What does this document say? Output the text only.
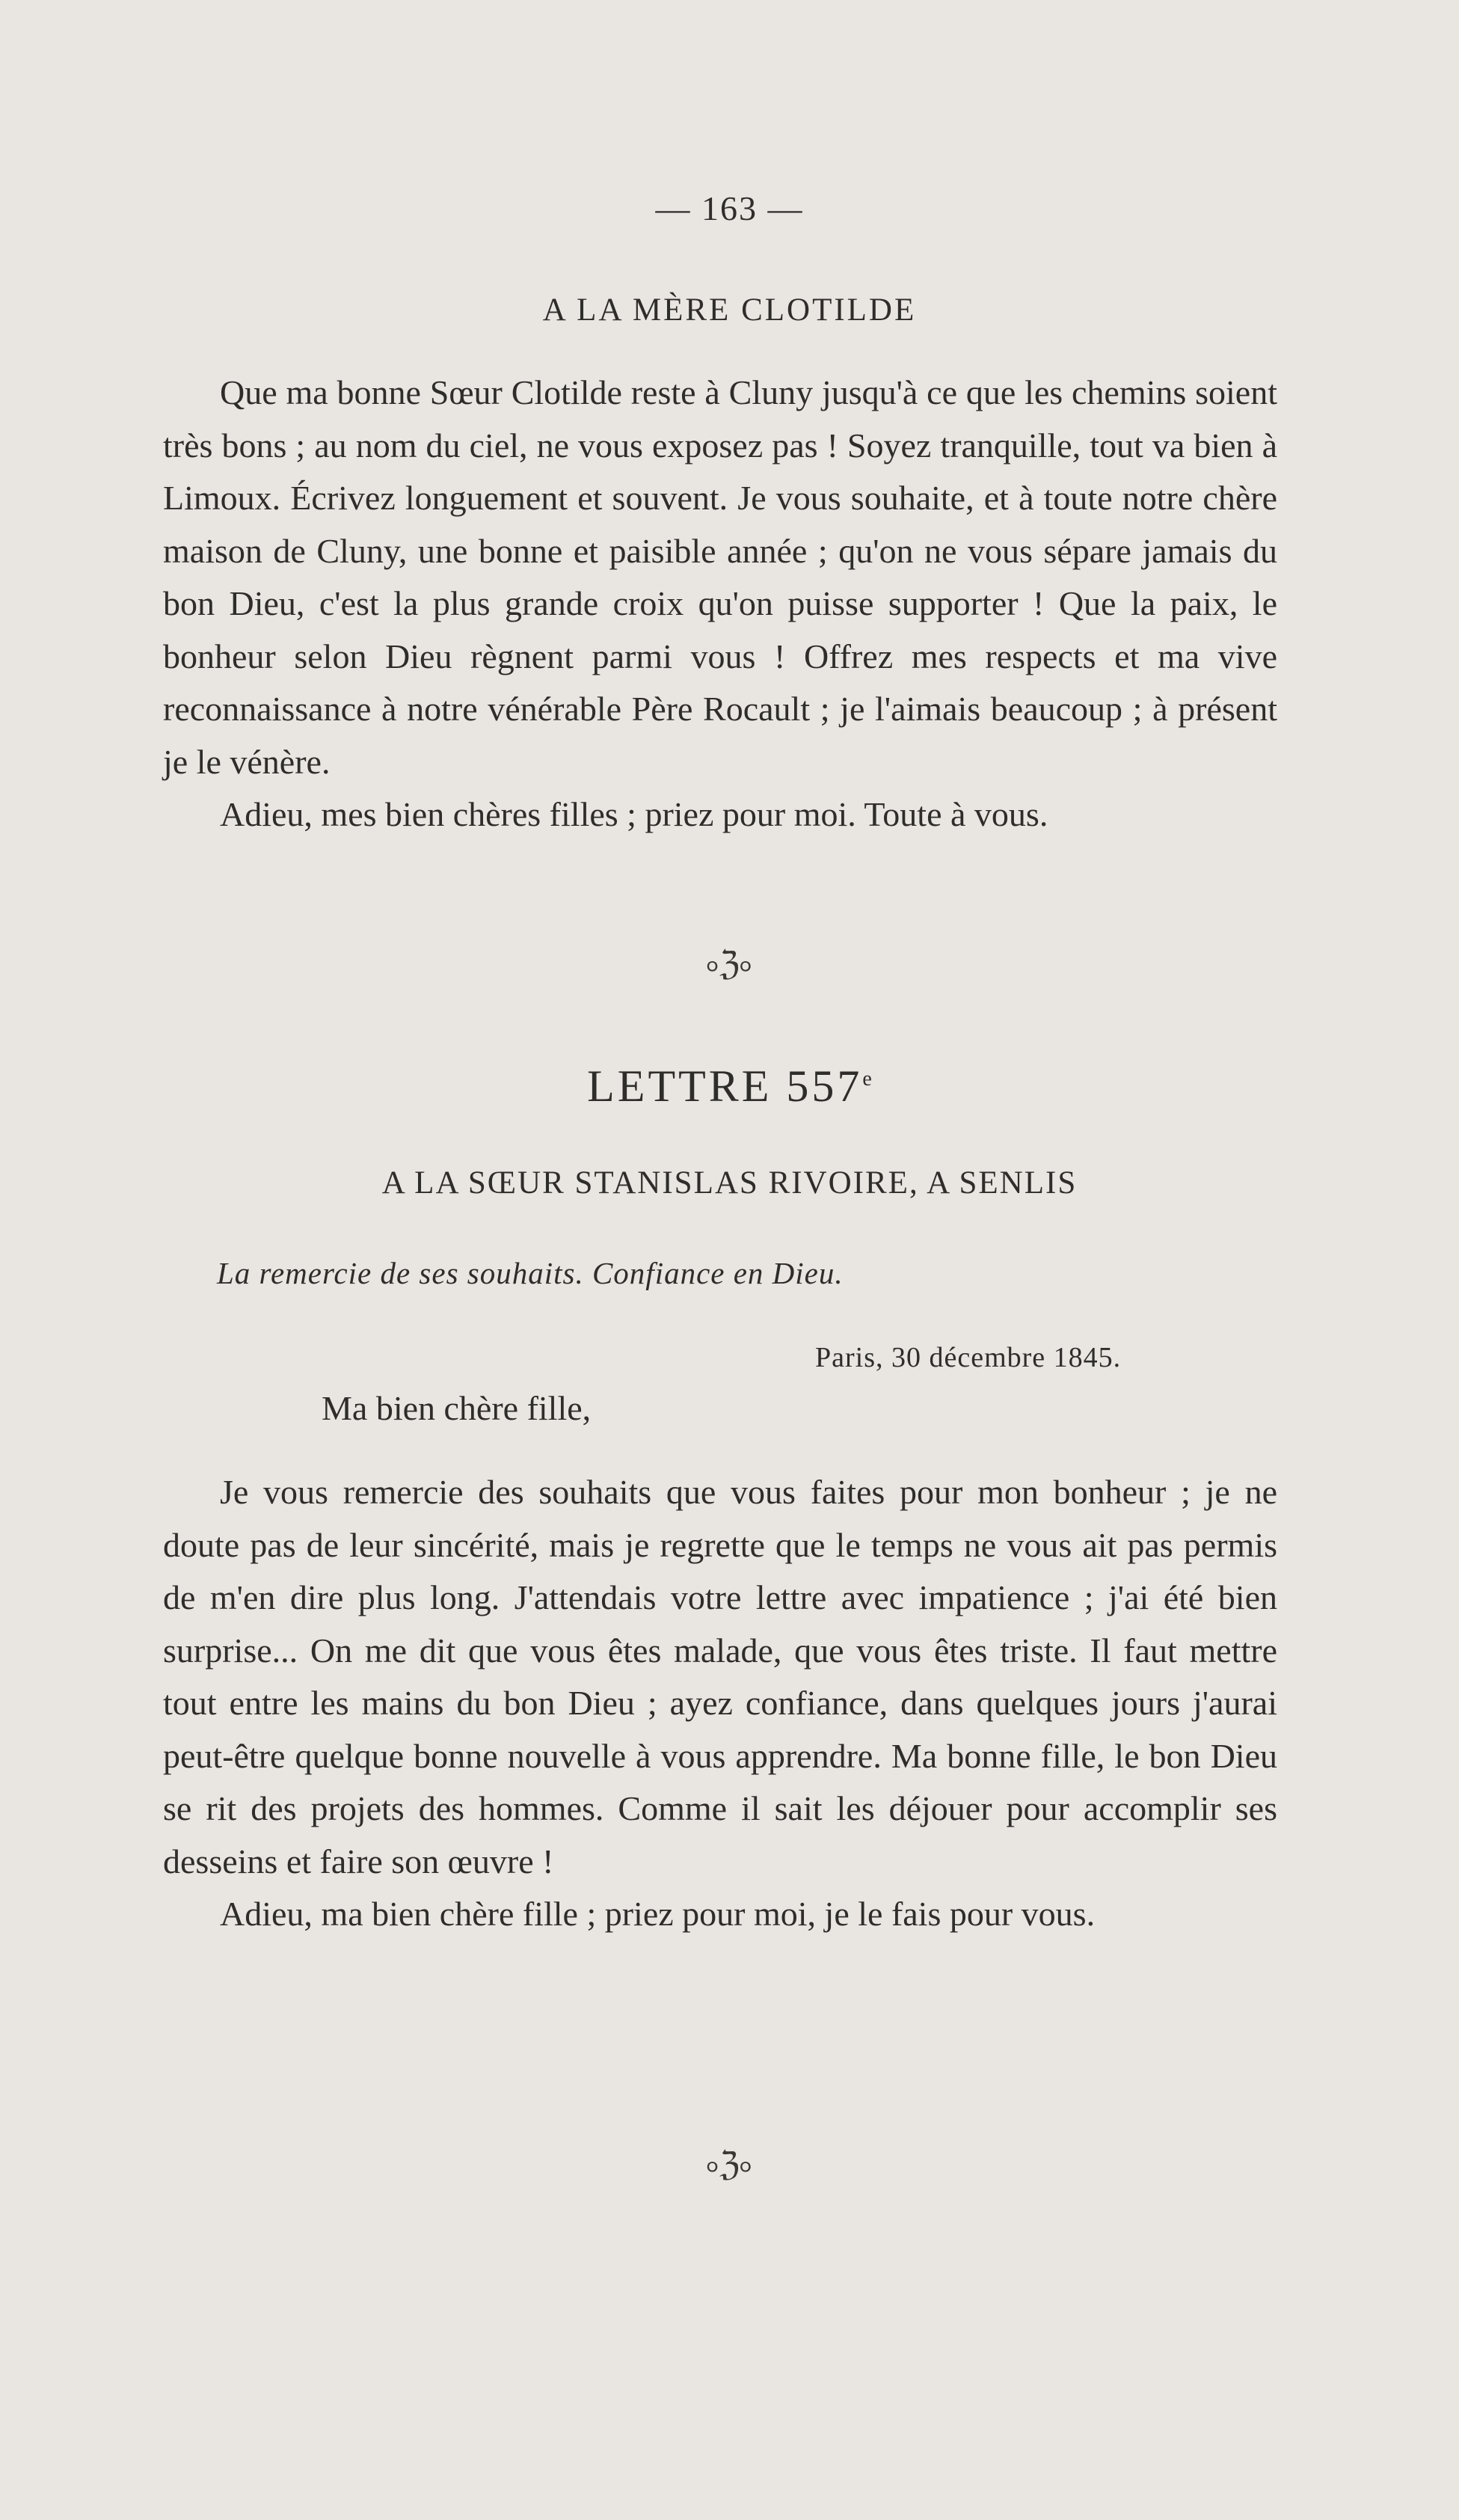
— 163 —

A LA MÈRE CLOTILDE

Que ma bonne Sœur Clotilde reste à Cluny jusqu'à ce que les chemins soient très bons ; au nom du ciel, ne vous exposez pas ! Soyez tranquille, tout va bien à Limoux. Écrivez longuement et souvent. Je vous souhaite, et à toute notre chère maison de Cluny, une bonne et paisible année ; qu'on ne vous sépare jamais du bon Dieu, c'est la plus grande croix qu'on puisse supporter ! Que la paix, le bonheur selon Dieu règnent parmi vous ! Offrez mes respects et ma vive reconnaissance à notre vénérable Père Rocault ; je l'aimais beaucoup ; à présent je le vénère.

Adieu, mes bien chères filles ; priez pour moi. Toute à vous.

৹ℨ৹

LETTRE 557e

A LA SŒUR STANISLAS RIVOIRE, A SENLIS

La remercie de ses souhaits. Confiance en Dieu.

Paris, 30 décembre 1845.

Ma bien chère fille,

Je vous remercie des souhaits que vous faites pour mon bonheur ; je ne doute pas de leur sincérité, mais je regrette que le temps ne vous ait pas permis de m'en dire plus long. J'attendais votre lettre avec impatience ; j'ai été bien surprise... On me dit que vous êtes malade, que vous êtes triste. Il faut mettre tout entre les mains du bon Dieu ; ayez confiance, dans quelques jours j'aurai peut-être quelque bonne nouvelle à vous apprendre. Ma bonne fille, le bon Dieu se rit des projets des hommes. Comme il sait les déjouer pour accomplir ses desseins et faire son œuvre !

Adieu, ma bien chère fille ; priez pour moi, je le fais pour vous.

৹ℨ৹
